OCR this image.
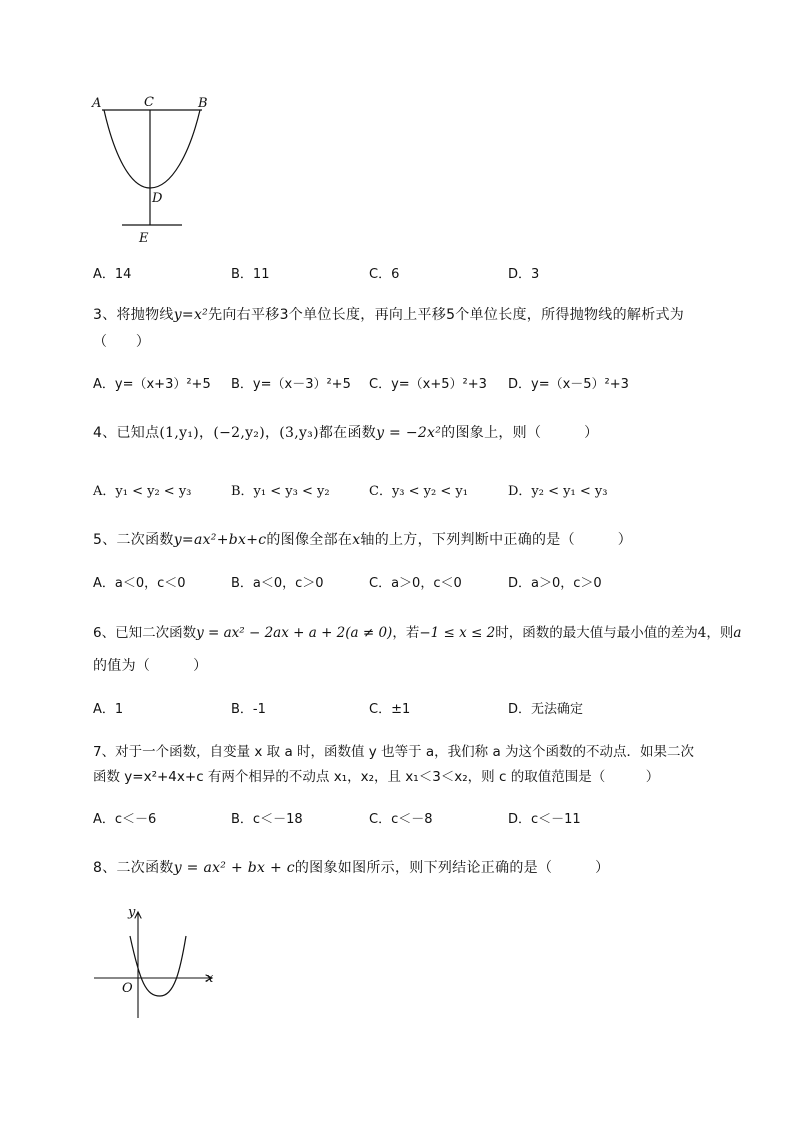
A	C	B
D
E
A．14	B．11	C．6	D．3
3、将抛物线y=x²先向右平移3个单位长度，再向上平移5个单位长度，所得抛物线的解析式为
（　　）
A．y=（x+3）²+5 B．y=（x－3）²+5 C．y=（x+5）²+3 D．y=（x－5）²+3
4、已知点(1,y₁)，(−2,y₂)，(3,y₃)都在函数y = −2x²的图象上，则（　　　）
A．y₁ < y₂ < y₃	B．y₁ < y₃ < y₂	C．y₃ < y₂ < y₁	D．y₂ < y₁ < y₃
5、二次函数y=ax²+bx+c的图像全部在x轴的上方，下列判断中正确的是（　　　）
A．a＜0，c＜0	B．a＜0，c＞0	C．a＞0，c＜0	D．a＞0，c＞0
6、已知二次函数y = ax² − 2ax + a + 2(a ≠ 0)，若−1 ≤ x ≤ 2时，函数的最大值与最小值的差为4，则a
的值为（　　　）
A．1	B．-1	C．±1	D．无法确定
7、对于一个函数，自变量 x 取 a 时，函数值 y 也等于 a，我们称 a 为这个函数的不动点．如果二次
函数 y=x²+4x+c 有两个相异的不动点 x₁，x₂，且 x₁＜3＜x₂，则 c 的取值范围是（　　　）
A．c＜－6	B．c＜－18	C．c＜－8	D．c＜－11
8、二次函数y = ax² + bx + c的图象如图所示，则下列结论正确的是（　　　）
y
x
O
